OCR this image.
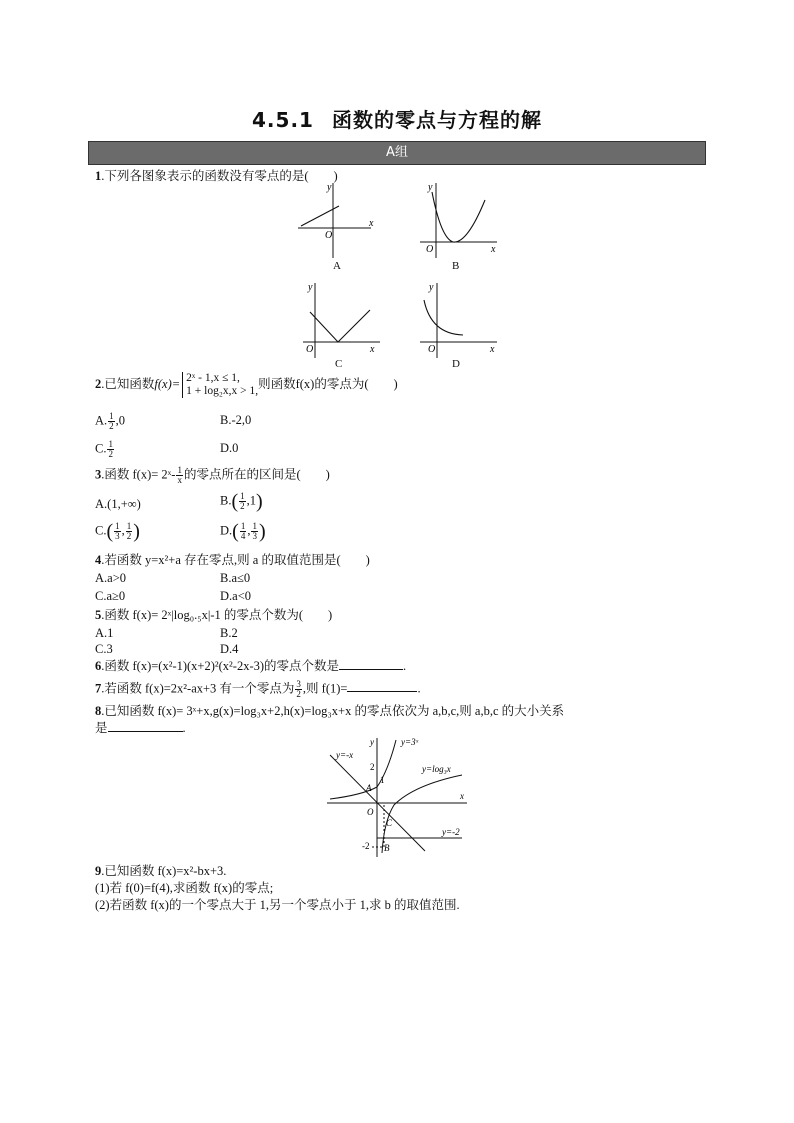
4.5.1 函数的零点与方程的解
A组
1.下列各图象表示的函数没有零点的是(　　)
x
y
O
A
x
y
O
B
x
y
O
C
x
y
O
D
2.已知函数f(x)= 2ˣ - 1,x ≤ 1,
1 + log₂x,x > 1,
则函数f(x)的零点为(　　)
A. $\frac{1}{2} ,0$	B.-2,0
C. $\frac{1}{2}$	D.0
3.函数 f(x)= 2ˣ- $\frac{1}{x}$ 的零点所在的区间是(　　)
A.(1,+∞)	$B.( \frac{1}{2} ,1)$
$C.( \frac{1}{3}$ , $\frac{1}{2}$ )	$D.( \frac{1}{4}$ , $\frac{1}{3}$ )
4.若函数 y=x²+a 存在零点,则 a 的取值范围是(　　)
A.a>0	B.a≤0
C.a≥0	D.a<0
5.函数 f(x)= 2ˣ|log₀.₅x|-1 的零点个数为(　　)
A.1	B.2
C.3	D.4
6.函数 f(x)=(x²-1)(x+2)²(x²-2x-3)的零点个数是	.
7.若函数 f(x)=2x²-ax+3 有一个零点为 $\frac{3}{2}$ ,则 f(1)=	.
8.已知函数 f(x)= 3ˣ+x,g(x)=log₃x+2,h(x)=log₃x+x 的零点依次为 a,b,c,则 a,b,c 的大小关系
是	.
y=-x
y=3ˣ
y=log₃x
y=-2
2
1
-2
O
A
B
C
x
y
9.已知函数 f(x)=x²-bx+3.
(1)若 f(0)=f(4),求函数 f(x)的零点;
(2)若函数 f(x)的一个零点大于 1,另一个零点小于 1,求 b 的取值范围.
